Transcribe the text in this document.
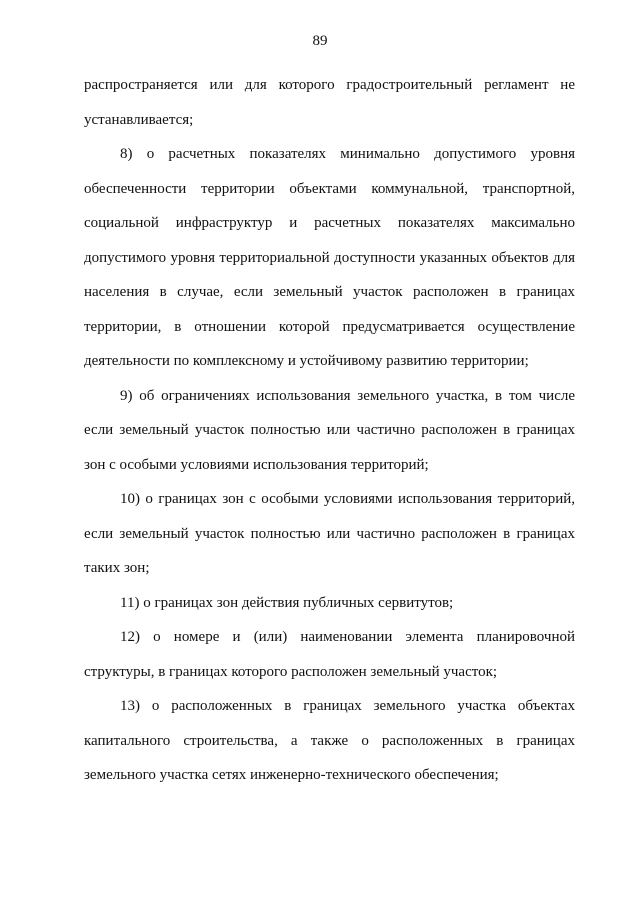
89

распространяется или для которого градостроительный регламент не устанавливается;

8) о расчетных показателях минимально допустимого уровня обеспеченности территории объектами коммунальной, транспортной, социальной инфраструктур и расчетных показателях максимально допустимого уровня территориальной доступности указанных объектов для населения в случае, если земельный участок расположен в границах территории, в отношении которой предусматривается осуществление деятельности по комплексному и устойчивому развитию территории;

9) об ограничениях использования земельного участка, в том числе если земельный участок полностью или частично расположен в границах зон с особыми условиями использования территорий;

10) о границах зон с особыми условиями использования территорий, если земельный участок полностью или частично расположен в границах таких зон;

11) о границах зон действия публичных сервитутов;

12) о номере и (или) наименовании элемента планировочной структуры, в границах которого расположен земельный участок;

13) о расположенных в границах земельного участка объектах капитального строительства, а также о расположенных в границах земельного участка сетях инженерно-технического обеспечения;
